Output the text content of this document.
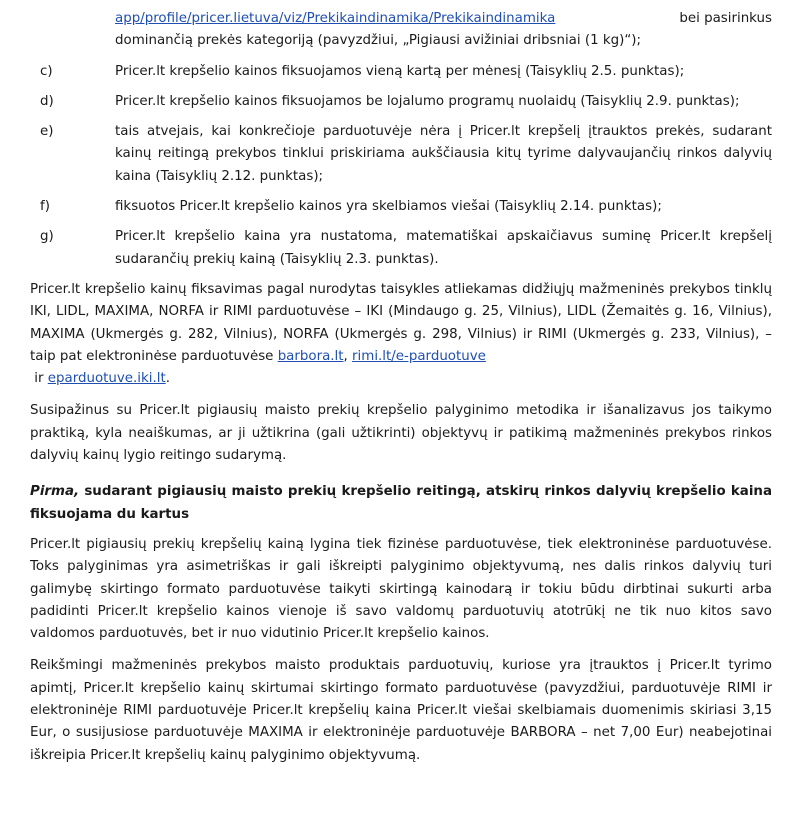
app/profile/pricer.lietuva/viz/Prekikaindinamika/Prekikaindinamika	bei pasirinkus
dominančią prekės kategoriją (pavyzdžiui, „Pigiausi avižiniai dribsniai (1 kg)“);
c)	Pricer.lt krepšelio kainos fiksuojamos vieną kartą per mėnesį (Taisyklių 2.5. punktas);
d)	Pricer.lt krepšelio kainos fiksuojamos be lojalumo programų nuolaidų (Taisyklių 2.9. punktas);
e)	tais atvejais, kai konkrečioje parduotuvėje nėra į Pricer.lt krepšelį įtrauktos prekės, sudarant kainų reitingą prekybos tinklui priskiriama aukščiausia kitų tyrime dalyvaujančių rinkos dalyvių kaina (Taisyklių 2.12. punktas);
f)	fiksuotos Pricer.lt krepšelio kainos yra skelbiamos viešai (Taisyklių 2.14. punktas);
g)	Pricer.lt krepšelio kaina yra nustatoma, matematiškai apskaičiavus suminę Pricer.lt krepšelį sudarančių prekių kainą (Taisyklių 2.3. punktas).

Pricer.lt krepšelio kainų fiksavimas pagal nurodytas taisykles atliekamas didžiųjų mažmeninės prekybos tinklų IKI, LIDL, MAXIMA, NORFA ir RIMI parduotuvėse – IKI (Mindaugo g. 25, Vilnius), LIDL (Žemaitės g. 16, Vilnius), MAXIMA (Ukmergės g. 282, Vilnius), NORFA (Ukmergės g. 298, Vilnius) ir RIMI (Ukmergės g. 233, Vilnius), – taip pat elektroninėse parduotuvėse barbora.lt, rimi.lt/e-parduotuve
ir eparduotuve.iki.lt.

Susipažinus su Pricer.lt pigiausių maisto prekių krepšelio palyginimo metodika ir išanalizavus jos taikymo praktiką, kyla neaiškumas, ar ji užtikrina (gali užtikrinti) objektyvų ir patikimą mažmeninės prekybos rinkos dalyvių kainų lygio reitingo sudarymą.

Pirma, sudarant pigiausių maisto prekių krepšelio reitingą, atskirų rinkos dalyvių krepšelio kaina fiksuojama du kartus

Pricer.lt pigiausių prekių krepšelių kainą lygina tiek fizinėse parduotuvėse, tiek elektroninėse parduotuvėse. Toks palyginimas yra asimetriškas ir gali iškreipti palyginimo objektyvumą, nes dalis rinkos dalyvių turi galimybę skirtingo formato parduotuvėse taikyti skirtingą kainodarą ir tokiu būdu dirbtinai sukurti arba padidinti Pricer.lt krepšelio kainos vienoje iš savo valdomų parduotuvių atotrūkį ne tik nuo kitos savo valdomos parduotuvės, bet ir nuo vidutinio Pricer.lt krepšelio kainos.

Reikšmingi mažmeninės prekybos maisto produktais parduotuvių, kuriose yra įtrauktos į Pricer.lt tyrimo apimtį, Pricer.lt krepšelio kainų skirtumai skirtingo formato parduotuvėse (pavyzdžiui, parduotuvėje RIMI ir elektroninėje RIMI parduotuvėje Pricer.lt krepšelių kaina Pricer.lt viešai skelbiamais duomenimis skiriasi 3,15 Eur, o susijusiose parduotuvėje MAXIMA ir elektroninėje parduotuvėje BARBORA – net 7,00 Eur) neabejotinai iškreipia Pricer.lt krepšelių kainų palyginimo objektyvumą.
